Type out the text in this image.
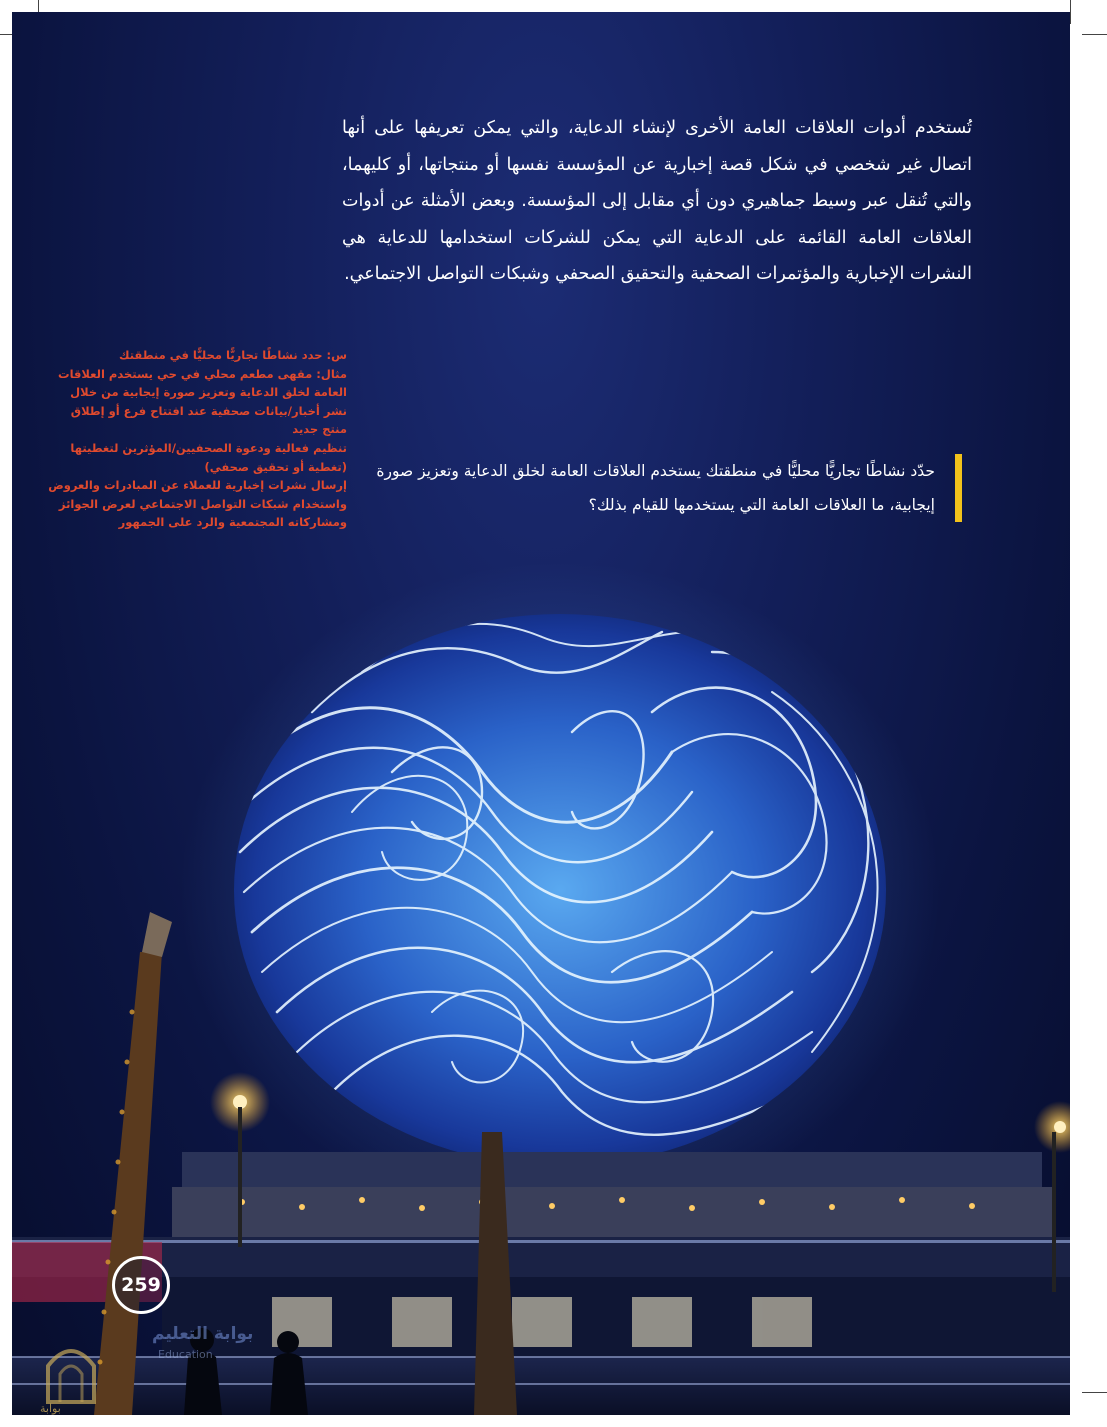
تُستخدم أدوات العلاقات العامة الأخرى لإنشاء الدعاية، والتي يمكن تعريفها على أنها اتصال غير شخصي في شكل قصة إخبارية عن المؤسسة نفسها أو منتجاتها، أو كليهما، والتي تُنقل عبر وسيط جماهيري دون أي مقابل إلى المؤسسة. وبعض الأمثلة عن أدوات العلاقات العامة القائمة على الدعاية التي يمكن للشركات استخدامها للدعاية هي النشرات الإخبارية والمؤتمرات الصحفية والتحقيق الصحفي وشبكات التواصل الاجتماعي.
س: حدد نشاطًا تجاريًّا محليًّا في منطقتك
مثال: مقهى مطعم محلي في حي يستخدم العلاقات
العامة لخلق الدعاية وتعزيز صورة إيجابية من خلال
نشر أخبار/بيانات صحفية عند افتتاح فرع أو إطلاق
منتج جديد
تنظيم فعالية ودعوة الصحفيين/المؤثرين لتغطيتها
(تغطية أو تحقيق صحفي)
إرسال نشرات إخبارية للعملاء عن المبادرات والعروض
واستخدام شبكات التواصل الاجتماعي لعرض الجوائز
ومشاركاته المجتمعية والرد على الجمهور
حدّد نشاطًا تجاريًّا محليًّا في منطقتك يستخدم العلاقات العامة لخلق الدعاية وتعزيز صورة إيجابية، ما العلاقات العامة التي يستخدمها للقيام بذلك؟
259
بوابة التعليم
Education
بوابة
